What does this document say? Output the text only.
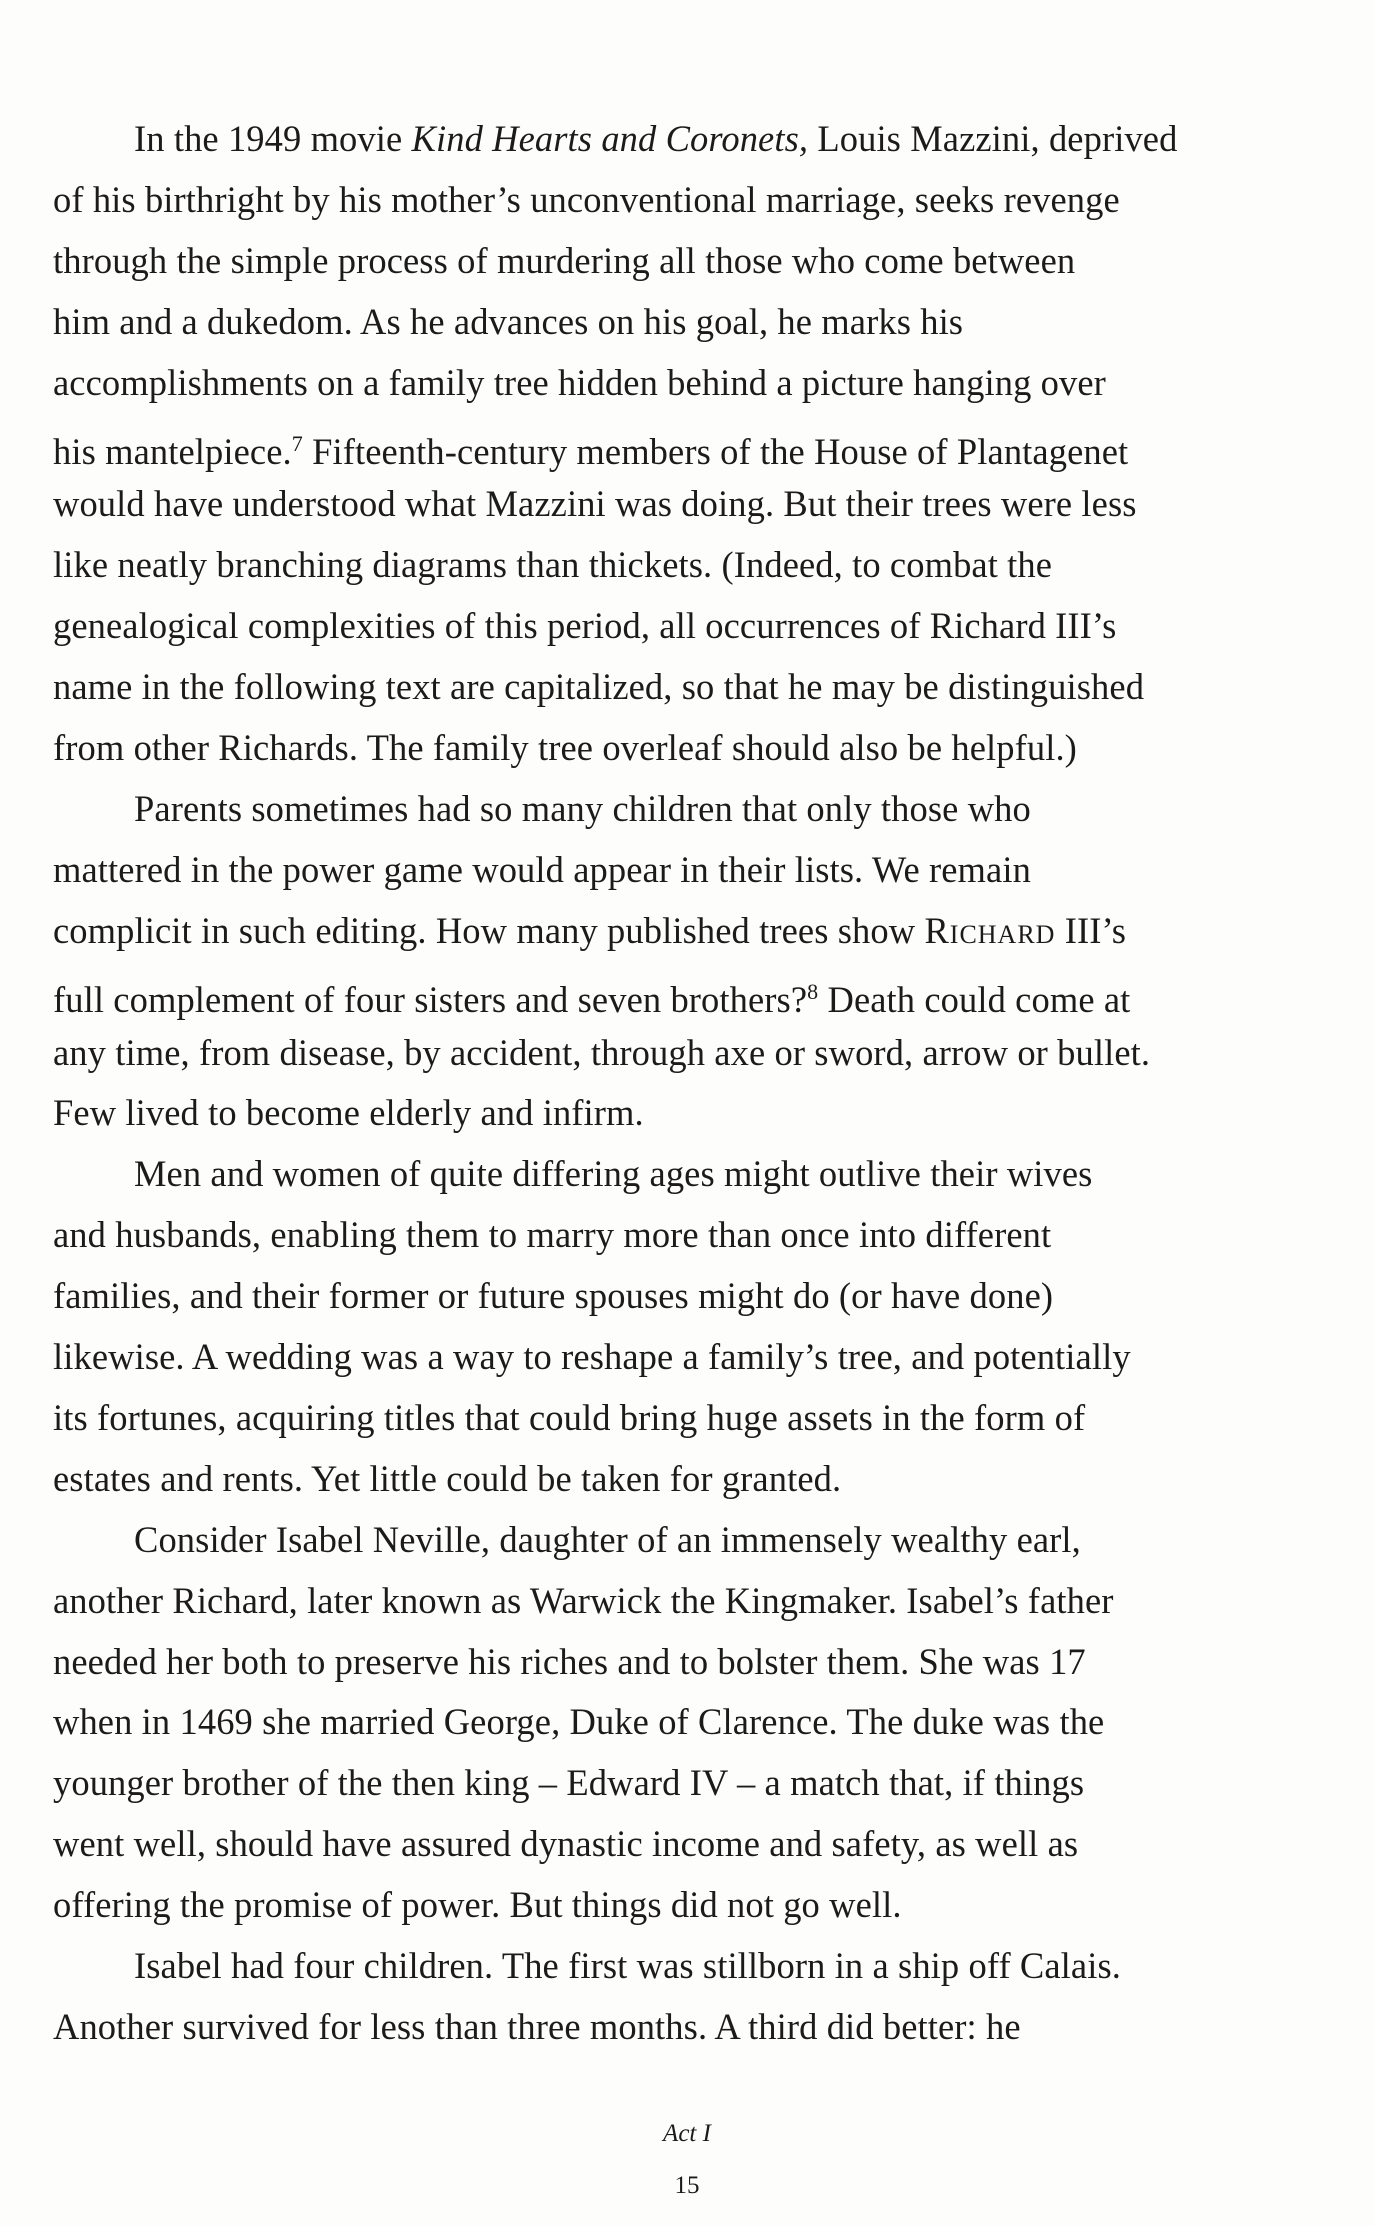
In the 1949 movie Kind Hearts and Coronets, Louis Mazzini, deprived
of his birthright by his mother’s unconventional marriage, seeks revenge
through the simple process of murdering all those who come between
him and a dukedom. As he advances on his goal, he marks his
accomplishments on a family tree hidden behind a picture hanging over
his mantelpiece.$^7$ Fifteenth-century members of the House of Plantagenet
would have understood what Mazzini was doing. But their trees were less
like neatly branching diagrams than thickets. (Indeed, to combat the
genealogical complexities of this period, all occurrences of Richard III’s
name in the following text are capitalized, so that he may be distinguished
from other Richards. The family tree overleaf should also be helpful.)
Parents sometimes had so many children that only those who
mattered in the power game would appear in their lists. We remain
complicit in such editing. How many published trees show Richard III’s
full complement of four sisters and seven brothers?$^8$ Death could come at
any time, from disease, by accident, through axe or sword, arrow or bullet.
Few lived to become elderly and infirm.
Men and women of quite differing ages might outlive their wives
and husbands, enabling them to marry more than once into different
families, and their former or future spouses might do (or have done)
likewise. A wedding was a way to reshape a family’s tree, and potentially
its fortunes, acquiring titles that could bring huge assets in the form of
estates and rents. Yet little could be taken for granted.
Consider Isabel Neville, daughter of an immensely wealthy earl,
another Richard, later known as Warwick the Kingmaker. Isabel’s father
needed her both to preserve his riches and to bolster them. She was 17
when in 1469 she married George, Duke of Clarence. The duke was the
younger brother of the then king – Edward IV – a match that, if things
went well, should have assured dynastic income and safety, as well as
offering the promise of power. But things did not go well.
Isabel had four children. The first was stillborn in a ship off Calais.
Another survived for less than three months. A third did better: he
Act I
15
